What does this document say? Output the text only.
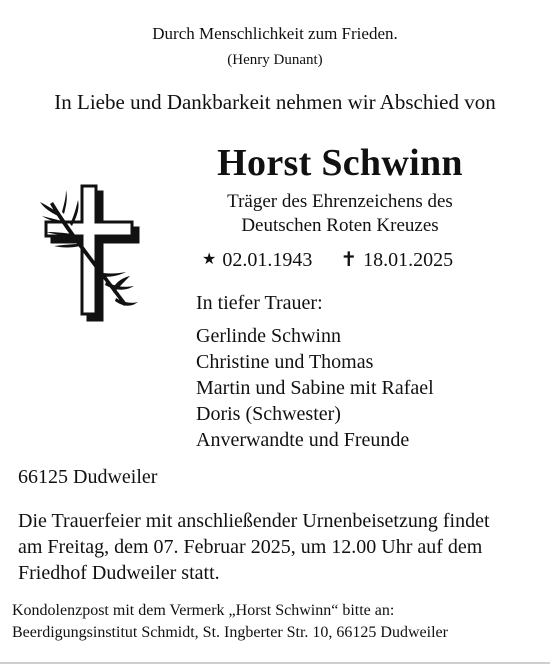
Durch Menschlichkeit zum Frieden.
(Henry Dunant)
In Liebe und Dankbarkeit nehmen wir Abschied von
Horst Schwinn
Träger des Ehrenzeichens des
Deutschen Roten Kreuzes
★ 02.01.1943 ✝ 18.01.2025
In tiefer Trauer:
Gerlinde Schwinn
Christine und Thomas
Martin und Sabine mit Rafael
Doris (Schwester)
Anverwandte und Freunde
66125 Dudweiler
Die Trauerfeier mit anschließender Urnenbeisetzung findet
am Freitag, dem 07. Februar 2025, um 12.00 Uhr auf dem
Friedhof Dudweiler statt.
Kondolenzpost mit dem Vermerk „Horst Schwinn“ bitte an:
Beerdigungsinstitut Schmidt, St. Ingberter Str. 10, 66125 Dudweiler
